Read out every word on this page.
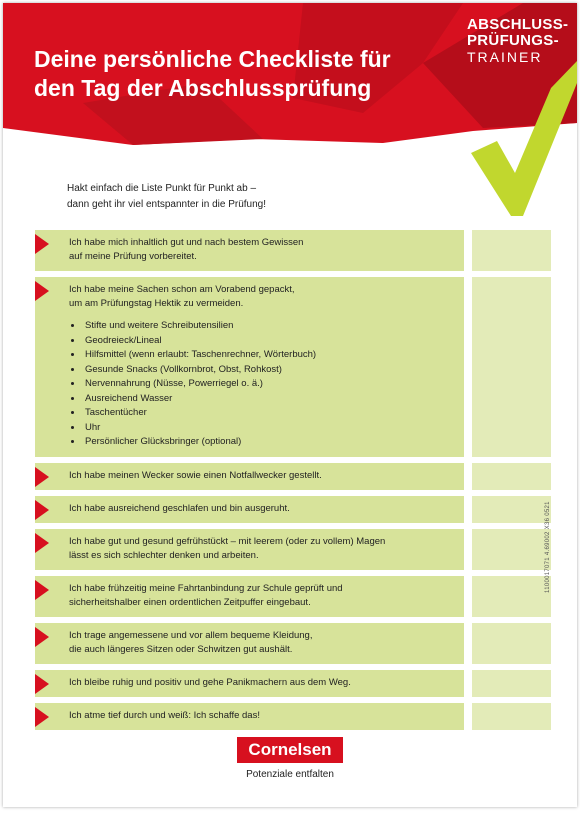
Deine persönliche Checkliste für
den Tag der Abschlussprüfung
ABSCHLUSS-
PRÜFUNGS-
TRAINER
Hakt einfach die Liste Punkt für Punkt ab –
dann geht ihr viel entspannter in die Prüfung!
Ich habe mich inhaltlich gut und nach bestem Gewissen
auf meine Prüfung vorbereitet.
Ich habe meine Sachen schon am Vorabend gepackt,
um am Prüfungstag Hektik zu vermeiden.
• Stifte und weitere Schreibutensilien
• Geodreieck/Lineal
• Hilfsmittel (wenn erlaubt: Taschenrechner, Wörterbuch)
• Gesunde Snacks (Vollkornbrot, Obst, Rohkost)
• Nervennahrung (Nüsse, Powerriegel o. ä.)
• Ausreichend Wasser
• Taschentücher
• Uhr
• Persönlicher Glücksbringer (optional)
Ich habe meinen Wecker sowie einen Notfallwecker gestellt.
Ich habe ausreichend geschlafen und bin ausgeruht.
Ich habe gut und gesund gefrühstückt – mit leerem (oder zu vollem) Magen
lässt es sich schlechter denken und arbeiten.
Ich habe frühzeitig meine Fahrtanbindung zur Schule geprüft und
sicherheitshalber einen ordentlichen Zeitpuffer eingebaut.
Ich trage angemessene und vor allem bequeme Kleidung,
die auch längeres Sitzen oder Schwitzen gut aushält.
Ich bleibe ruhig und positiv und gehe Panikmachern aus dem Weg.
Ich atme tief durch und weiß: Ich schaffe das!
1100017071 4.69002 X36 0521
Cornelsen
Potenziale entfalten
